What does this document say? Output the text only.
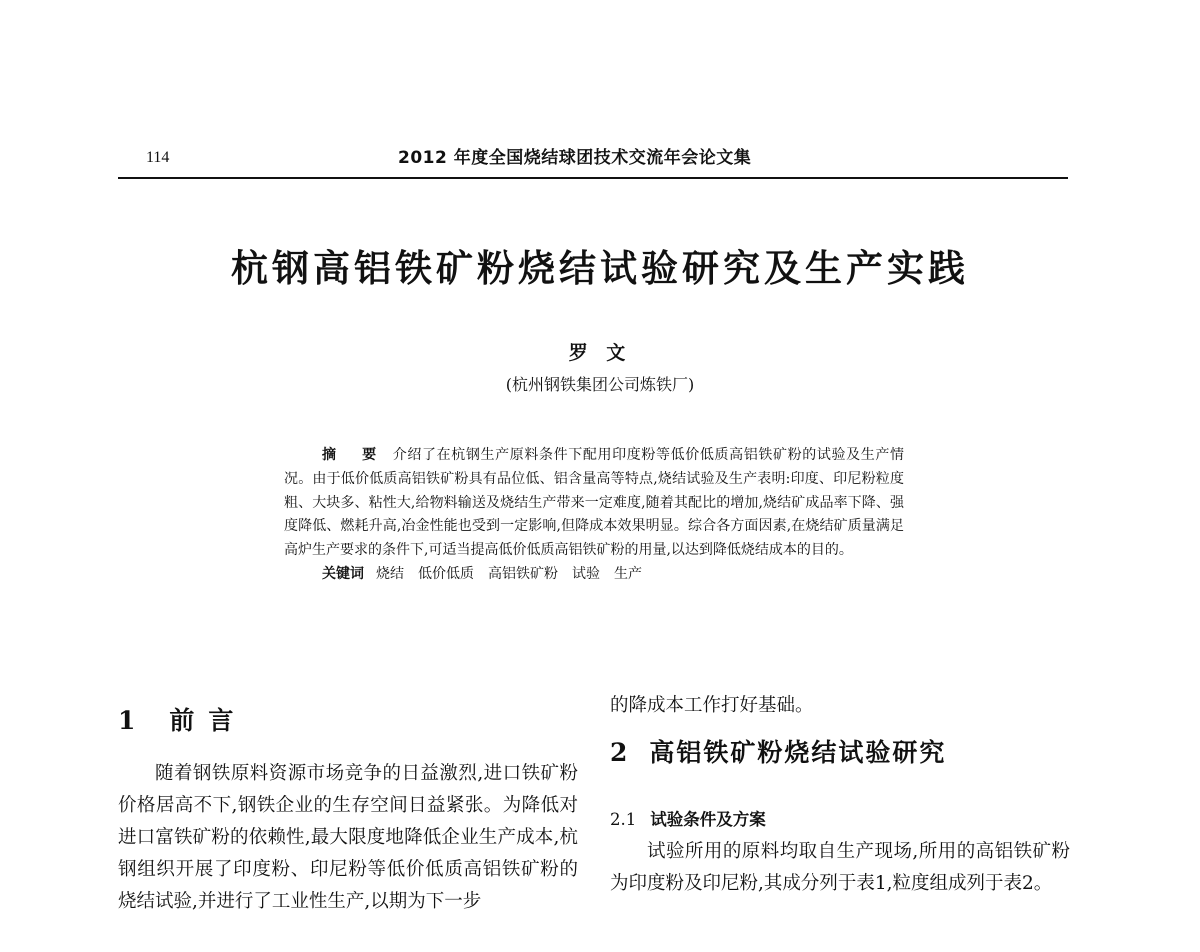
114	2012 年度全国烧结球团技术交流年会论文集
杭钢高铝铁矿粉烧结试验研究及生产实践
罗 文
(杭州钢铁集团公司炼铁厂)

摘 要 介绍了在杭钢生产原料条件下配用印度粉等低价低质高铝铁矿粉的试验及生产情况。由于低价低质高铝铁矿粉具有品位低、铝含量高等特点,烧结试验及生产表明:印度、印尼粉粒度粗、大块多、粘性大,给物料输送及烧结生产带来一定难度,随着其配比的增加,烧结矿成品率下降、强度降低、燃耗升高,冶金性能也受到一定影响,但降成本效果明显。综合各方面因素,在烧结矿质量满足高炉生产要求的条件下,可适当提高低价低质高铝铁矿粉的用量,以达到降低烧结成本的目的。

关键词 烧结 低价低质 高铝铁矿粉 试验 生产

1 前言

随着钢铁原料资源市场竞争的日益激烈,进口铁矿粉价格居高不下,钢铁企业的生存空间日益紧张。为降低对进口富铁矿粉的依赖性,最大限度地降低企业生产成本,杭钢组织开展了印度粉、印尼粉等低价低质高铝铁矿粉的烧结试验,并进行了工业性生产,以期为下一步

的降成本工作打好基础。

2 高铝铁矿粉烧结试验研究
2.1 试验条件及方案

试验所用的原料均取自生产现场,所用的高铝铁矿粉为印度粉及印尼粉,其成分列于表1,粒度组成列于表2。
